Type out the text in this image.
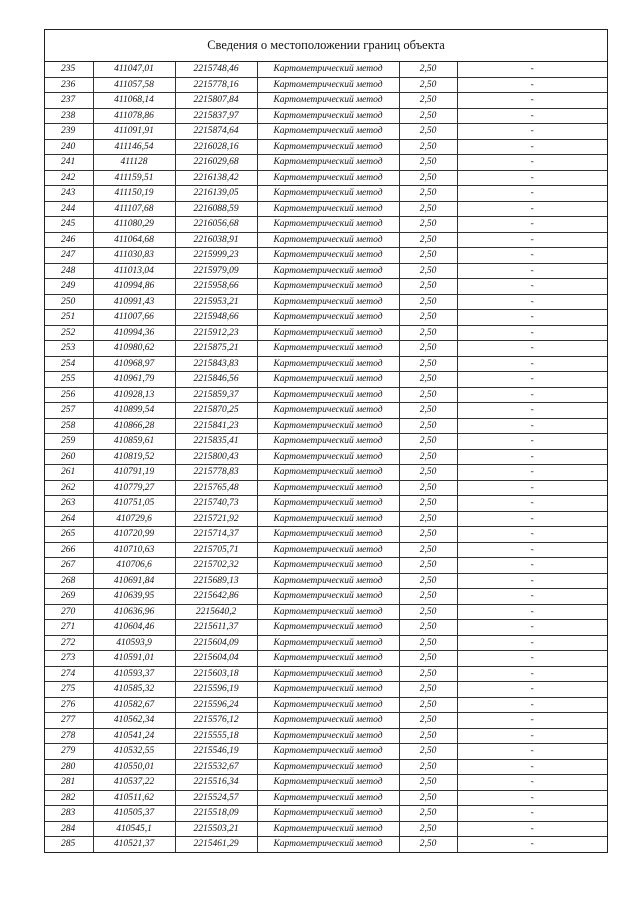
Сведения о местоположении границ объекта
235	411047,01	2215748,46	Картометрический метод	2,50	-
236	411057,58	2215778,16	Картометрический метод	2,50	-
237	411068,14	2215807,84	Картометрический метод	2,50	-
238	411078,86	2215837,97	Картометрический метод	2,50	-
239	411091,91	2215874,64	Картометрический метод	2,50	-
240	411146,54	2216028,16	Картометрический метод	2,50	-
241	411128	2216029,68	Картометрический метод	2,50	-
242	411159,51	2216138,42	Картометрический метод	2,50	-
243	411150,19	2216139,05	Картометрический метод	2,50	-
244	411107,68	2216088,59	Картометрический метод	2,50	-
245	411080,29	2216056,68	Картометрический метод	2,50	-
246	411064,68	2216038,91	Картометрический метод	2,50	-
247	411030,83	2215999,23	Картометрический метод	2,50	-
248	411013,04	2215979,09	Картометрический метод	2,50	-
249	410994,86	2215958,66	Картометрический метод	2,50	-
250	410991,43	2215953,21	Картометрический метод	2,50	-
251	411007,66	2215948,66	Картометрический метод	2,50	-
252	410994,36	2215912,23	Картометрический метод	2,50	-
253	410980,62	2215875,21	Картометрический метод	2,50	-
254	410968,97	2215843,83	Картометрический метод	2,50	-
255	410961,79	2215846,56	Картометрический метод	2,50	-
256	410928,13	2215859,37	Картометрический метод	2,50	-
257	410899,54	2215870,25	Картометрический метод	2,50	-
258	410866,28	2215841,23	Картометрический метод	2,50	-
259	410859,61	2215835,41	Картометрический метод	2,50	-
260	410819,52	2215800,43	Картометрический метод	2,50	-
261	410791,19	2215778,83	Картометрический метод	2,50	-
262	410779,27	2215765,48	Картометрический метод	2,50	-
263	410751,05	2215740,73	Картометрический метод	2,50	-
264	410729,6	2215721,92	Картометрический метод	2,50	-
265	410720,99	2215714,37	Картометрический метод	2,50	-
266	410710,63	2215705,71	Картометрический метод	2,50	-
267	410706,6	2215702,32	Картометрический метод	2,50	-
268	410691,84	2215689,13	Картометрический метод	2,50	-
269	410639,95	2215642,86	Картометрический метод	2,50	-
270	410636,96	2215640,2	Картометрический метод	2,50	-
271	410604,46	2215611,37	Картометрический метод	2,50	-
272	410593,9	2215604,09	Картометрический метод	2,50	-
273	410591,01	2215604,04	Картометрический метод	2,50	-
274	410593,37	2215603,18	Картометрический метод	2,50	-
275	410585,32	2215596,19	Картометрический метод	2,50	-
276	410582,67	2215596,24	Картометрический метод	2,50	-
277	410562,34	2215576,12	Картометрический метод	2,50	-
278	410541,24	2215555,18	Картометрический метод	2,50	-
279	410532,55	2215546,19	Картометрический метод	2,50	-
280	410550,01	2215532,67	Картометрический метод	2,50	-
281	410537,22	2215516,34	Картометрический метод	2,50	-
282	410511,62	2215524,57	Картометрический метод	2,50	-
283	410505,37	2215518,09	Картометрический метод	2,50	-
284	410545,1	2215503,21	Картометрический метод	2,50	-
285	410521,37	2215461,29	Картометрический метод	2,50	-
